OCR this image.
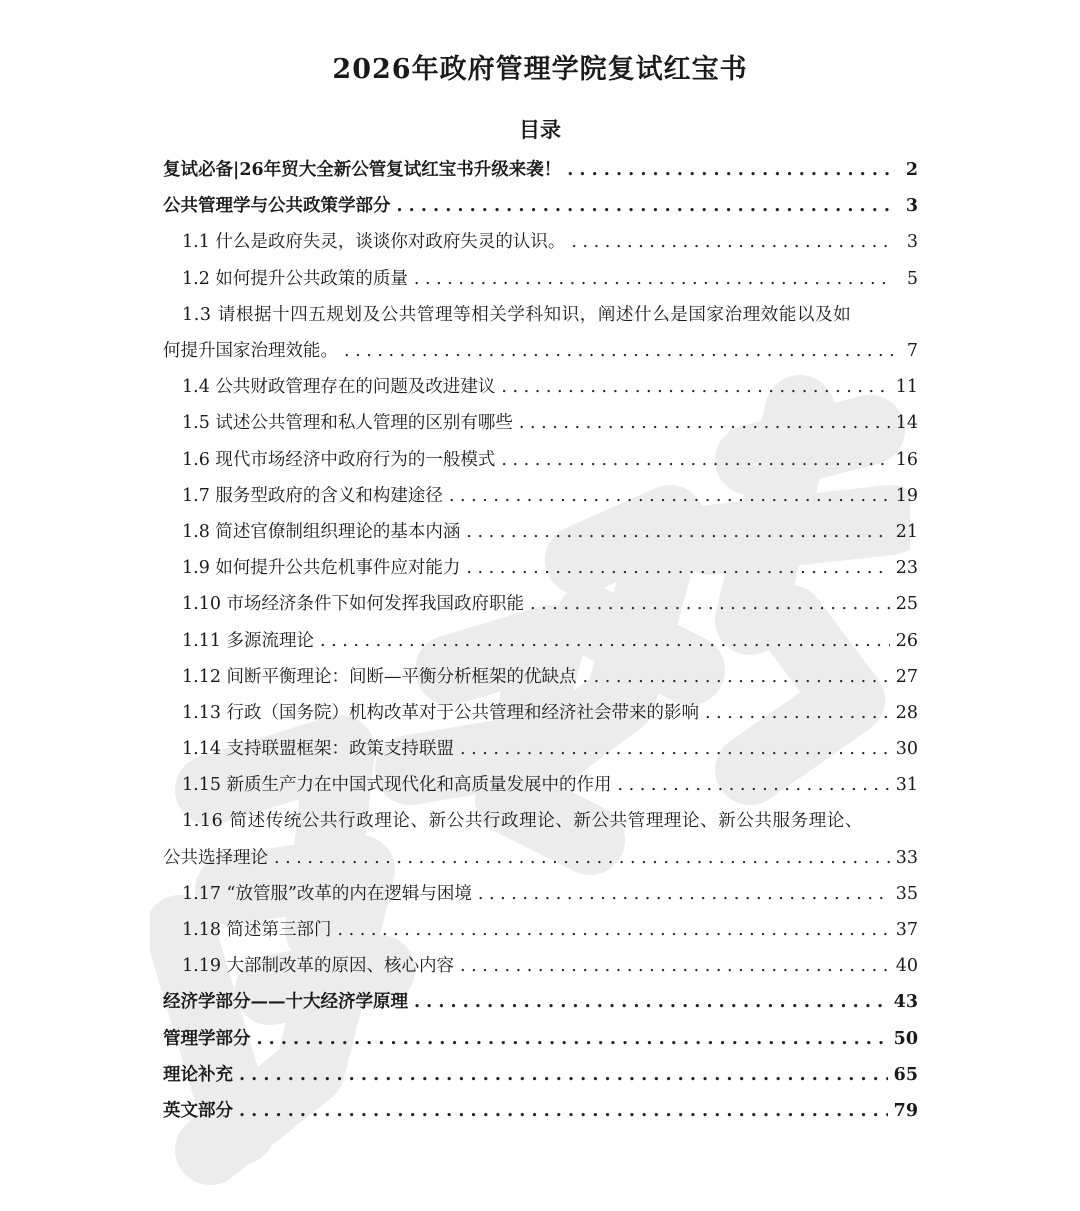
2026年政府管理学院复试红宝书
目录
复试必备|26年贸大全新公管复试红宝书升级来袭！ . . .	2
公共管理学与公共政策学部分 . . .	3
1.1 什么是政府失灵，谈谈你对政府失灵的认识。 . . .	3
1.2 如何提升公共政策的质量 . . .	5
1.3 请根据十四五规划及公共管理等相关学科知识，阐述什么是国家治理效能以及如
何提升国家治理效能。 . . .	7
1.4 公共财政管理存在的问题及改进建议 . . .	11
1.5 试述公共管理和私人管理的区别有哪些 . . .	14
1.6 现代市场经济中政府行为的一般模式 . . .	16
1.7 服务型政府的含义和构建途径 . . .	19
1.8 简述官僚制组织理论的基本内涵 . . .	21
1.9 如何提升公共危机事件应对能力 . . .	23
1.10 市场经济条件下如何发挥我国政府职能 . . .	25
1.11 多源流理论 . . .	26
1.12 间断平衡理论：间断—平衡分析框架的优缺点 . . .	27
1.13 行政（国务院）机构改革对于公共管理和经济社会带来的影响 . . .	28
1.14 支持联盟框架：政策支持联盟 . . .	30
1.15 新质生产力在中国式现代化和高质量发展中的作用 . . .	31
1.16 简述传统公共行政理论、新公共行政理论、新公共管理理论、新公共服务理论、
公共选择理论 . . .	33
1.17 “放管服”改革的内在逻辑与困境 . . .	35
1.18 简述第三部门 . . .	37
1.19 大部制改革的原因、核心内容 . . .	40
经济学部分——十大经济学原理 . . .	43
管理学部分 . . .	50
理论补充 . . .	65
英文部分 . . .	79
